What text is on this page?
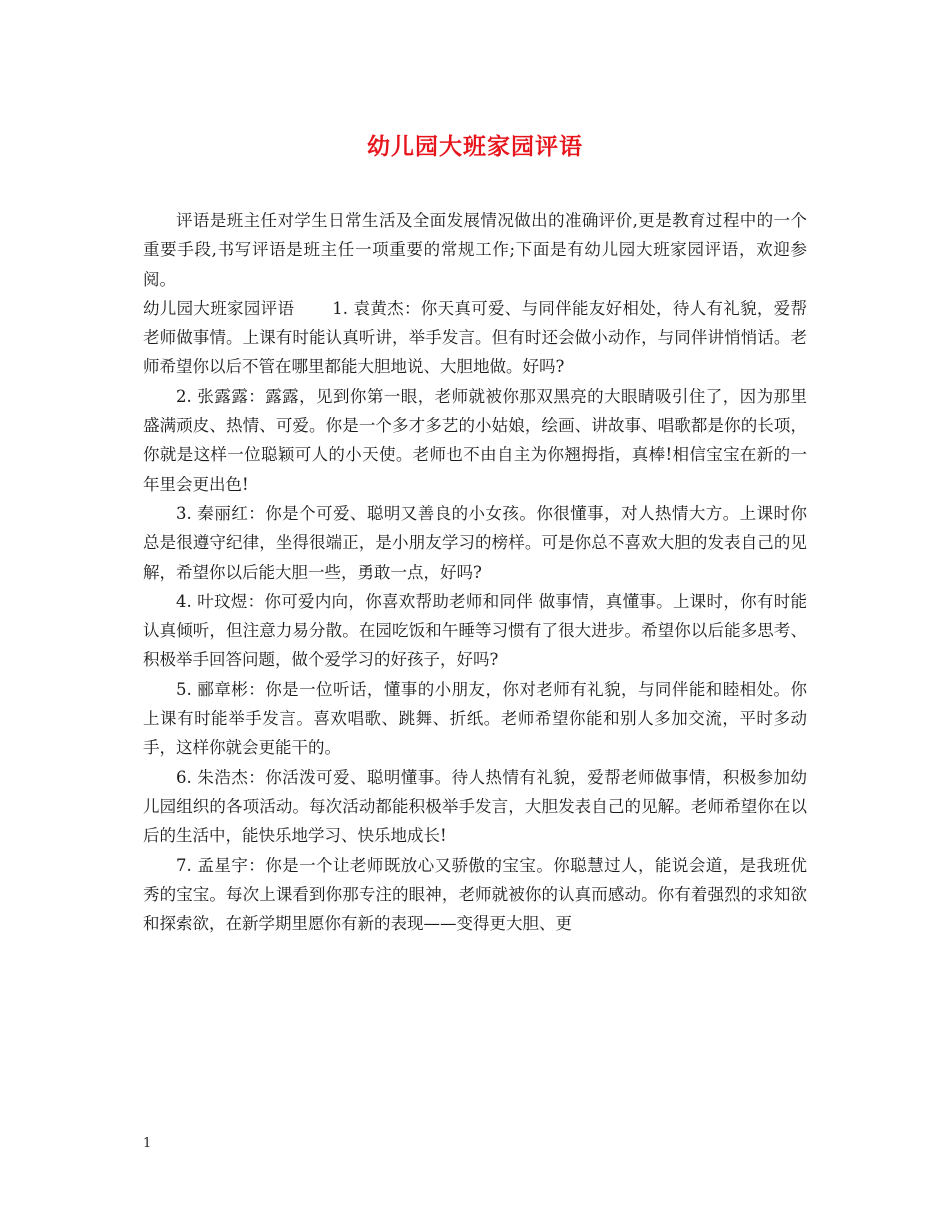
幼儿园大班家园评语

评语是班主任对学生日常生活及全面发展情况做出的准确评价,更是教育过程中的一个重要手段,书写评语是班主任一项重要的常规工作;下面是有幼儿园大班家园评语，欢迎参阅。

幼儿园大班家园评语 1. 袁黄杰：你天真可爱、与同伴能友好相处，待人有礼貌，爱帮老师做事情。上课有时能认真听讲，举手发言。但有时还会做小动作，与同伴讲悄悄话。老师希望你以后不管在哪里都能大胆地说、大胆地做。好吗?

2. 张露露：露露，见到你第一眼，老师就被你那双黑亮的大眼睛吸引住了，因为那里盛满顽皮、热情、可爱。你是一个多才多艺的小姑娘，绘画、讲故事、唱歌都是你的长项，你就是这样一位聪颖可人的小天使。老师也不由自主为你翘拇指，真棒!相信宝宝在新的一年里会更出色!

3. 秦丽红：你是个可爱、聪明又善良的小女孩。你很懂事，对人热情大方。上课时你总是很遵守纪律，坐得很端正，是小朋友学习的榜样。可是你总不喜欢大胆的发表自己的见解，希望你以后能大胆一些，勇敢一点，好吗?

4. 叶玟煜：你可爱内向，你喜欢帮助老师和同伴 做事情，真懂事。上课时，你有时能认真倾听，但注意力易分散。在园吃饭和午睡等习惯有了很大进步。希望你以后能多思考、积极举手回答问题，做个爱学习的好孩子，好吗?

5. 郦章彬：你是一位听话，懂事的小朋友，你对老师有礼貌，与同伴能和睦相处。你上课有时能举手发言。喜欢唱歌、跳舞、折纸。老师希望你能和别人多加交流，平时多动手，这样你就会更能干的。

6. 朱浩杰：你活泼可爱、聪明懂事。待人热情有礼貌，爱帮老师做事情，积极参加幼儿园组织的各项活动。每次活动都能积极举手发言，大胆发表自己的见解。老师希望你在以后的生活中，能快乐地学习、快乐地成长!

7. 孟星宇：你是一个让老师既放心又骄傲的宝宝。你聪慧过人，能说会道，是我班优秀的宝宝。每次上课看到你那专注的眼神，老师就被你的认真而感动。你有着强烈的求知欲和探索欲，在新学期里愿你有新的表现——变得更大胆、更

1
